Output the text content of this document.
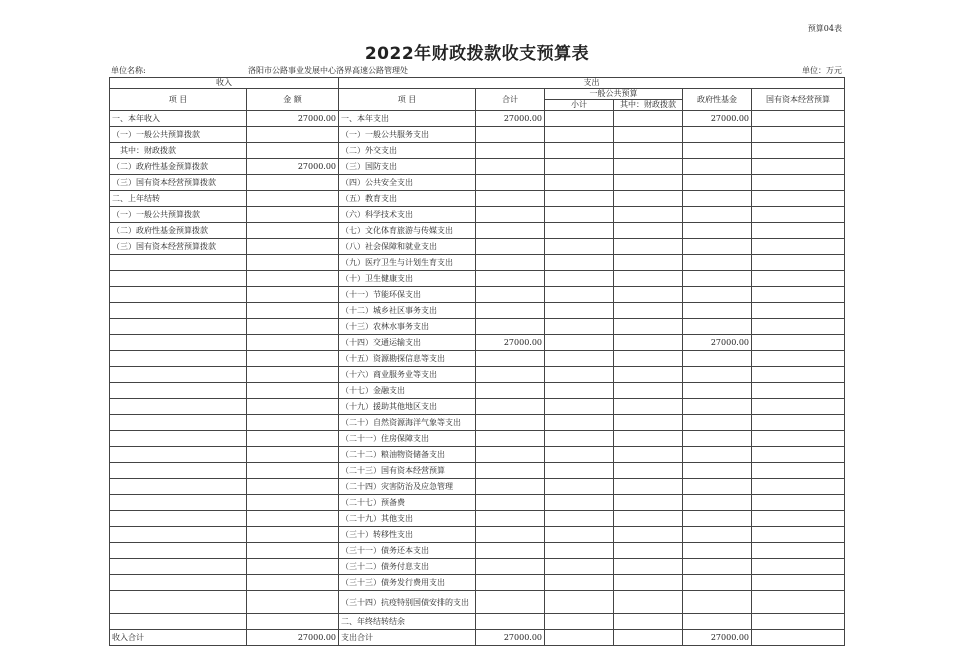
预算04表
2022年财政拨款收支预算表
单位名称:	洛阳市公路事业发展中心洛界高速公路管理处	单位：万元
收入		支出					
项 目	金 额	项 目	合计	一般公共预算		政府性基金	国有资本经营预算
				小计	其中：财政拨款		
一、本年收入	27000.00	一、本年支出	27000.00			27000.00	
（一）一般公共预算拨款		（一）一般公共服务支出					
　其中：财政拨款		（二）外交支出					
（二）政府性基金预算拨款	27000.00	（三）国防支出					
（三）国有资本经营预算拨款		（四）公共安全支出					
二、上年结转		（五）教育支出					
（一）一般公共预算拨款		（六）科学技术支出					
（二）政府性基金预算拨款		（七）文化体育旅游与传媒支出					
（三）国有资本经营预算拨款		（八）社会保障和就业支出					
		（九）医疗卫生与计划生育支出					
		（十）卫生健康支出					
		（十一）节能环保支出					
		（十二）城乡社区事务支出					
		（十三）农林水事务支出					
		（十四）交通运输支出	27000.00			27000.00	
		（十五）资源勘探信息等支出					
		（十六）商业服务业等支出					
		（十七）金融支出					
		（十九）援助其他地区支出					
		（二十）自然资源海洋气象等支出					
		（二十一）住房保障支出					
		（二十二）粮油物资储备支出					
		（二十三）国有资本经营预算					
		（二十四）灾害防治及应急管理					
		（二十七）预备费					
		（二十九）其他支出					
		（三十）转移性支出					
		（三十一）债务还本支出					
		（三十二）债务付息支出					
		（三十三）债务发行费用支出					
		（三十四）抗疫特别国债安排的支出					
		二、年终结转结余					
收入合计	27000.00	支出合计	27000.00			27000.00	
